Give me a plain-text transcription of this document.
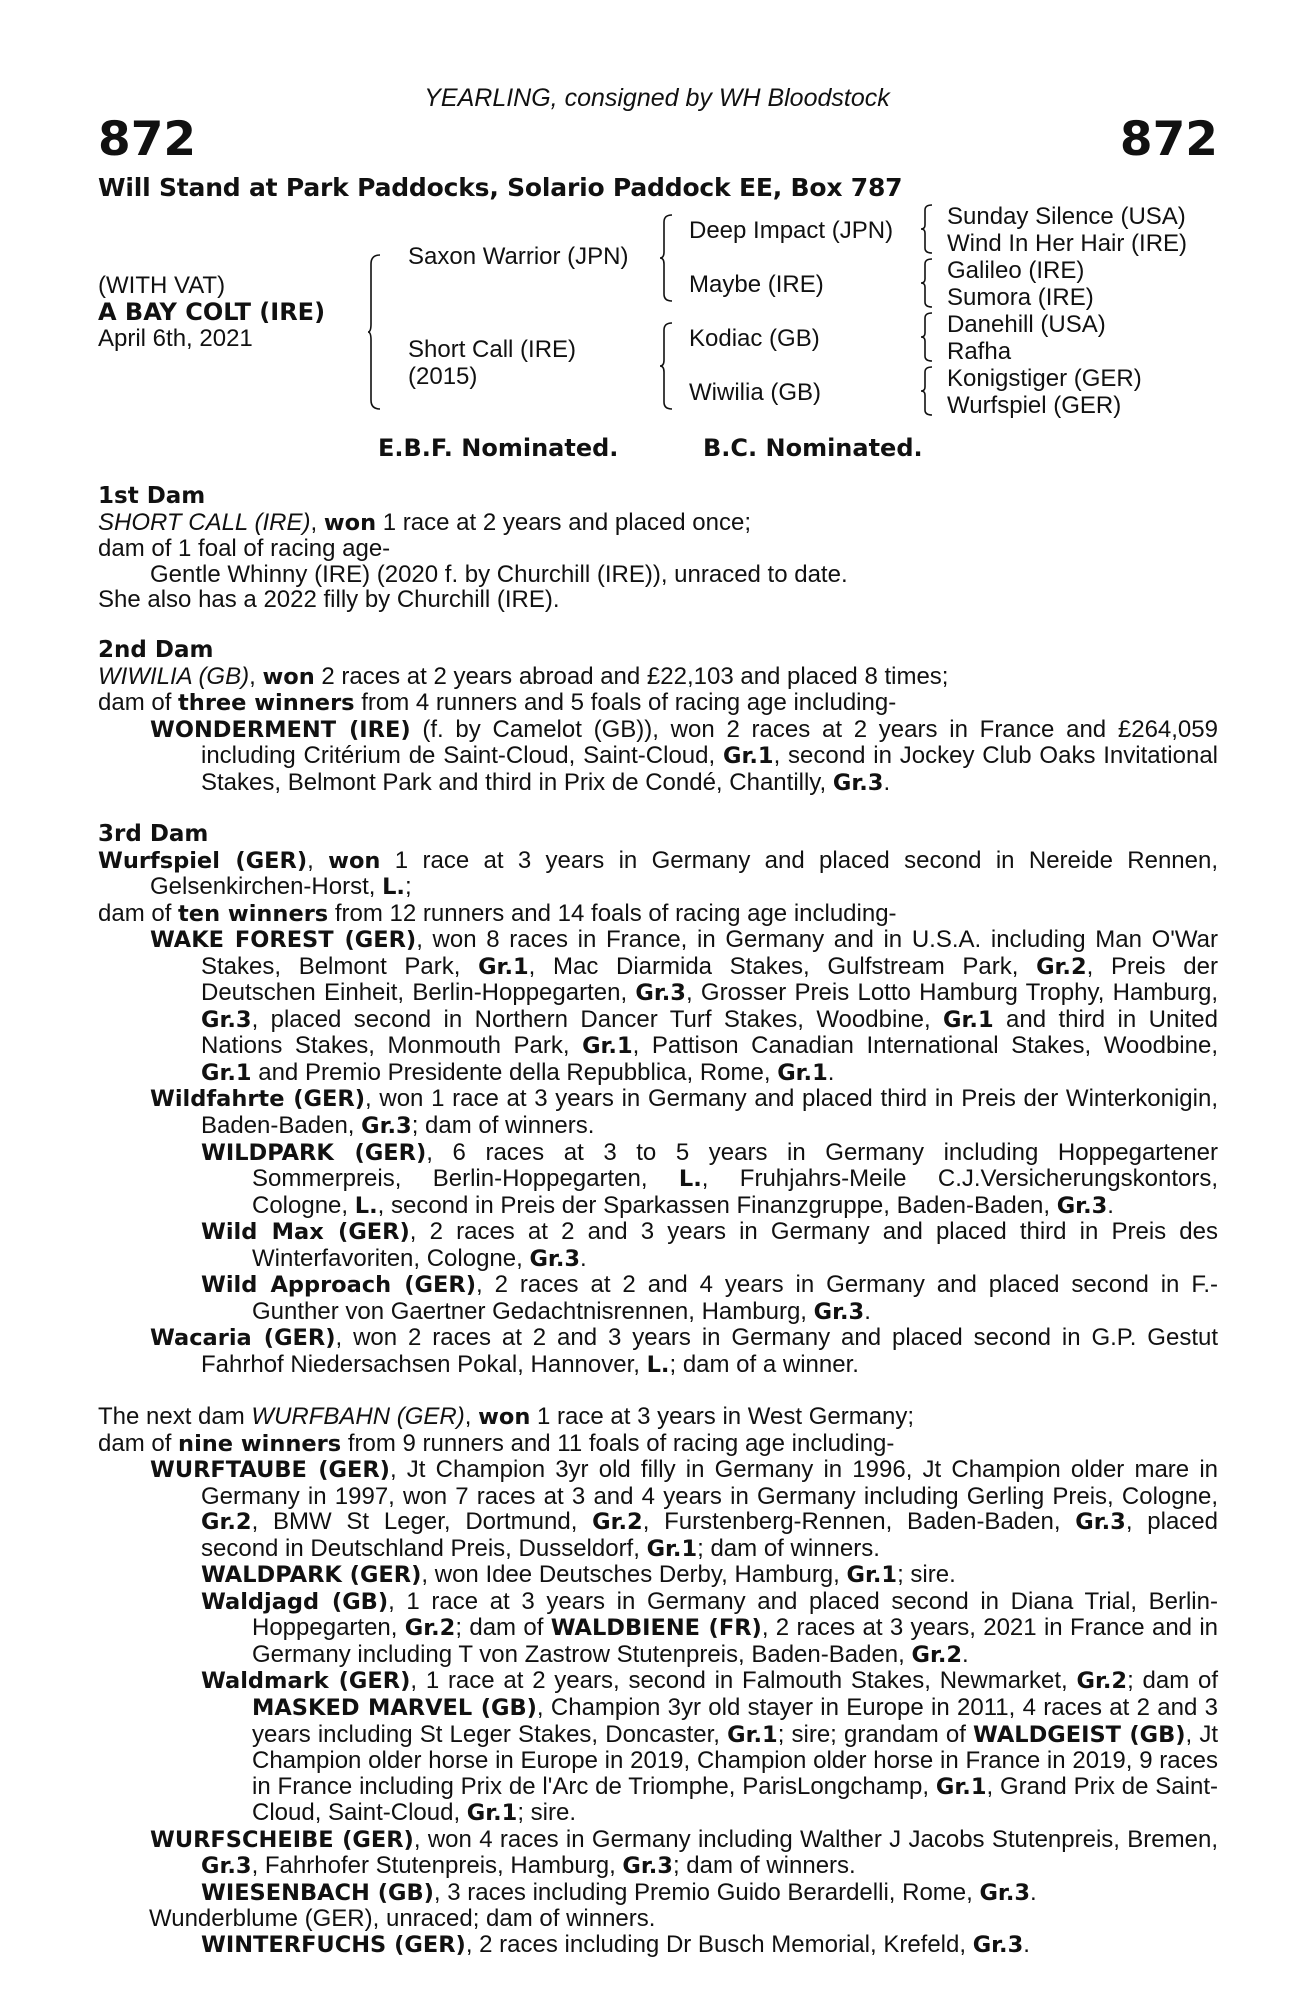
YEARLING, consigned by WH Bloodstock
872	872
Will Stand at Park Paddocks, Solario Paddock EE, Box 787
(WITH VAT)
A BAY COLT (IRE)
April 6th, 2021
Saxon Warrior (JPN)
Short Call (IRE)
(2015)
Deep Impact (JPN)
Maybe (IRE)
Kodiac (GB)
Wiwilia (GB)
Sunday Silence (USA)
Wind In Her Hair (IRE)
Galileo (IRE)
Sumora (IRE)
Danehill (USA)
Rafha
Konigstiger (GER)
Wurfspiel (GER)
E.B.F. Nominated.	B.C. Nominated.
1st Dam
SHORT CALL (IRE), won 1 race at 2 years and placed once;
dam of 1 foal of racing age-
Gentle Whinny (IRE) (2020 f. by Churchill (IRE)), unraced to date.
She also has a 2022 filly by Churchill (IRE).
2nd Dam
WIWILIA (GB), won 2 races at 2 years abroad and £22,103 and placed 8 times;
dam of three winners from 4 runners and 5 foals of racing age including-
WONDERMENT (IRE) (f. by Camelot (GB)), won 2 races at 2 years in France and £264,059 including Critérium de Saint-Cloud, Saint-Cloud, Gr.1, second in Jockey Club Oaks Invitational Stakes, Belmont Park and third in Prix de Condé, Chantilly, Gr.3.
3rd Dam
Wurfspiel (GER), won 1 race at 3 years in Germany and placed second in Nereide Rennen, Gelsenkirchen-Horst, L.;
dam of ten winners from 12 runners and 14 foals of racing age including-
WAKE FOREST (GER), won 8 races in France, in Germany and in U.S.A. including Man O'War Stakes, Belmont Park, Gr.1, Mac Diarmida Stakes, Gulfstream Park, Gr.2, Preis der Deutschen Einheit, Berlin-Hoppegarten, Gr.3, Grosser Preis Lotto Hamburg Trophy, Hamburg, Gr.3, placed second in Northern Dancer Turf Stakes, Woodbine, Gr.1 and third in United Nations Stakes, Monmouth Park, Gr.1, Pattison Canadian International Stakes, Woodbine, Gr.1 and Premio Presidente della Repubblica, Rome, Gr.1.
Wildfahrte (GER), won 1 race at 3 years in Germany and placed third in Preis der Winterkonigin, Baden-Baden, Gr.3; dam of winners.
WILDPARK (GER), 6 races at 3 to 5 years in Germany including Hoppegartener Sommerpreis, Berlin-Hoppegarten, L., Fruhjahrs-Meile C.J.Versicherungskontors, Cologne, L., second in Preis der Sparkassen Finanzgruppe, Baden-Baden, Gr.3.
Wild Max (GER), 2 races at 2 and 3 years in Germany and placed third in Preis des Winterfavoriten, Cologne, Gr.3.
Wild Approach (GER), 2 races at 2 and 4 years in Germany and placed second in F.-Gunther von Gaertner Gedachtnisrennen, Hamburg, Gr.3.
Wacaria (GER), won 2 races at 2 and 3 years in Germany and placed second in G.P. Gestut Fahrhof Niedersachsen Pokal, Hannover, L.; dam of a winner.
The next dam WURFBAHN (GER), won 1 race at 3 years in West Germany;
dam of nine winners from 9 runners and 11 foals of racing age including-
WURFTAUBE (GER), Jt Champion 3yr old filly in Germany in 1996, Jt Champion older mare in Germany in 1997, won 7 races at 3 and 4 years in Germany including Gerling Preis, Cologne, Gr.2, BMW St Leger, Dortmund, Gr.2, Furstenberg-Rennen, Baden-Baden, Gr.3, placed second in Deutschland Preis, Dusseldorf, Gr.1; dam of winners.
WALDPARK (GER), won Idee Deutsches Derby, Hamburg, Gr.1; sire.
Waldjagd (GB), 1 race at 3 years in Germany and placed second in Diana Trial, Berlin-Hoppegarten, Gr.2; dam of WALDBIENE (FR), 2 races at 3 years, 2021 in France and in Germany including T von Zastrow Stutenpreis, Baden-Baden, Gr.2.
Waldmark (GER), 1 race at 2 years, second in Falmouth Stakes, Newmarket, Gr.2; dam of MASKED MARVEL (GB), Champion 3yr old stayer in Europe in 2011, 4 races at 2 and 3 years including St Leger Stakes, Doncaster, Gr.1; sire; grandam of WALDGEIST (GB), Jt Champion older horse in Europe in 2019, Champion older horse in France in 2019, 9 races in France including Prix de l'Arc de Triomphe, ParisLongchamp, Gr.1, Grand Prix de Saint-Cloud, Saint-Cloud, Gr.1; sire.
WURFSCHEIBE (GER), won 4 races in Germany including Walther J Jacobs Stutenpreis, Bremen, Gr.3, Fahrhofer Stutenpreis, Hamburg, Gr.3; dam of winners.
WIESENBACH (GB), 3 races including Premio Guido Berardelli, Rome, Gr.3.
Wunderblume (GER), unraced; dam of winners.
WINTERFUCHS (GER), 2 races including Dr Busch Memorial, Krefeld, Gr.3.
